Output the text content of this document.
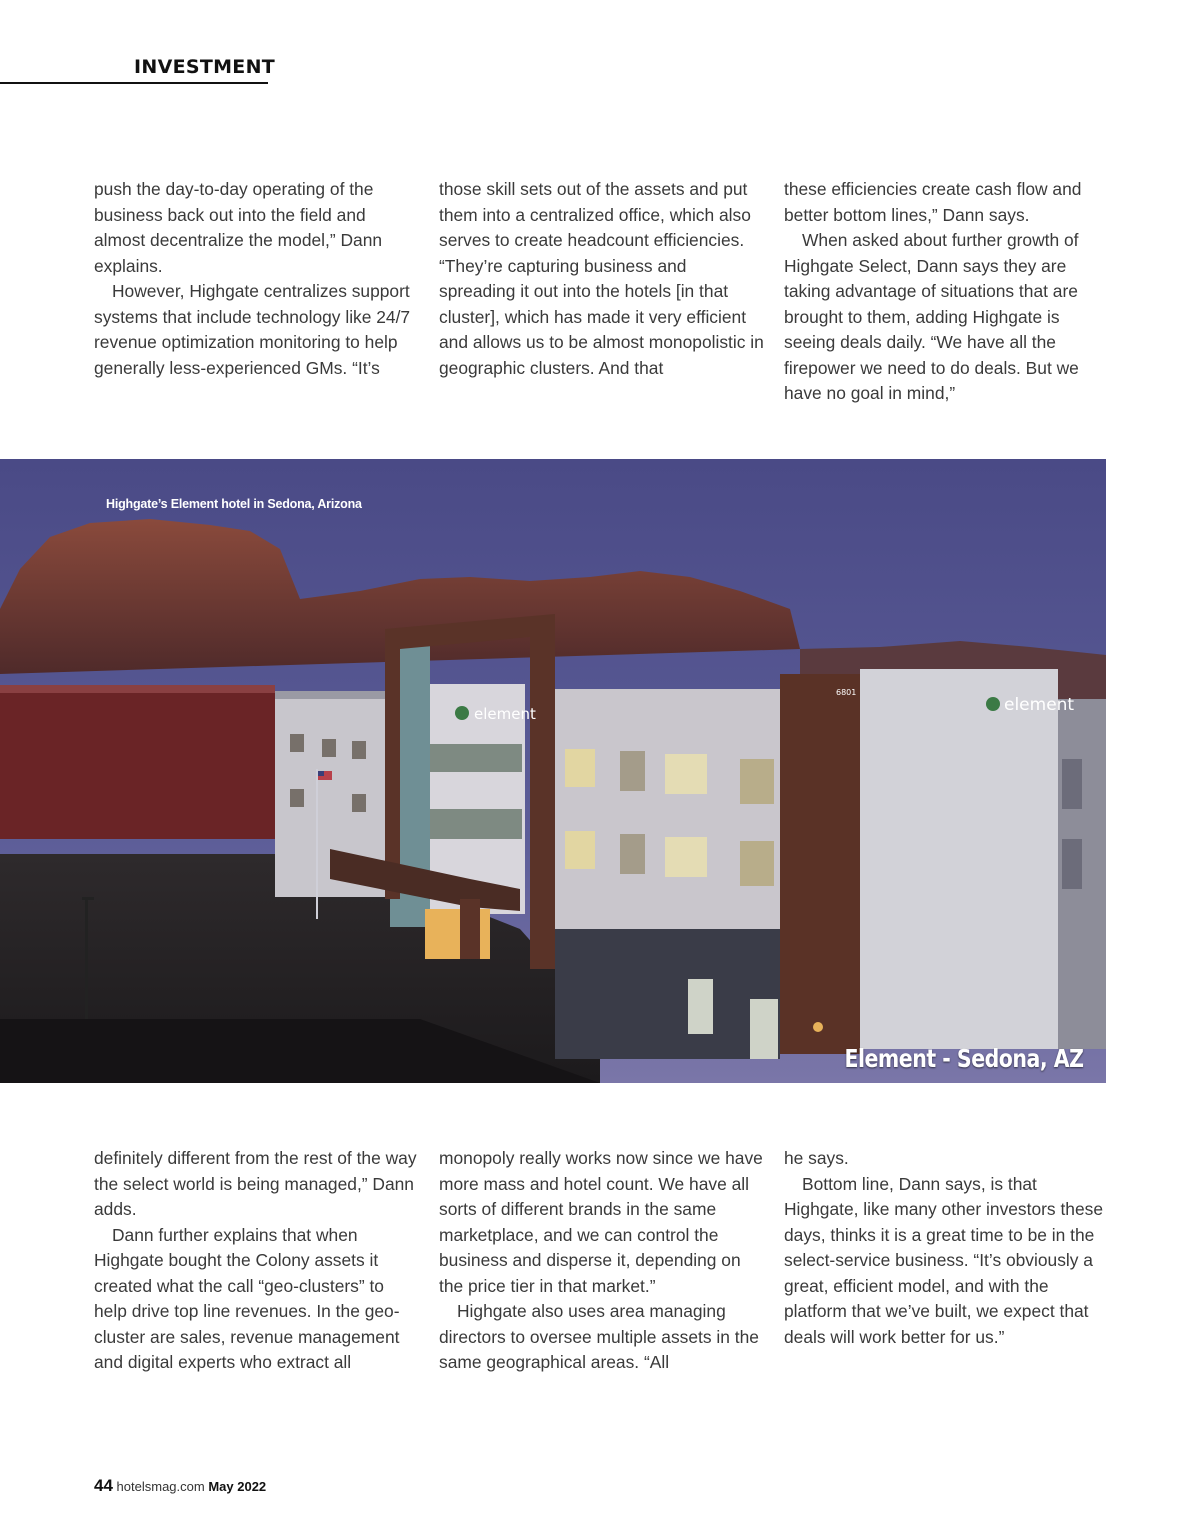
INVESTMENT

push the day-to-day operating of the business back out into the field and almost decentralize the model,” Dann explains.

However, Highgate centralizes support systems that include technology like 24/7 revenue optimization monitoring to help generally less-experienced GMs. “It’s

those skill sets out of the assets and put them into a centralized office, which also serves to create headcount efficiencies. “They’re capturing business and spreading it out into the hotels [in that cluster], which has made it very efficient and allows us to be almost monopolistic in geographic clusters. And that

these efficiencies create cash flow and better bottom lines,” Dann says.

When asked about further growth of Highgate Select, Dann says they are taking advantage of situations that are brought to them, adding Highgate is seeing deals daily. “We have all the firepower we need to do deals. But we have no goal in mind,”

element	element
6801
Highgate’s Element hotel in Sedona, Arizona
Element - Sedona, AZ

definitely different from the rest of the way the select world is being managed,” Dann adds.

Dann further explains that when Highgate bought the Colony assets it created what the call “geo-clusters” to help drive top line revenues. In the geo-cluster are sales, revenue management and digital experts who extract all

monopoly really works now since we have more mass and hotel count. We have all sorts of different brands in the same marketplace, and we can control the business and disperse it, depending on the price tier in that market.”

Highgate also uses area managing directors to oversee multiple assets in the same geographical areas. “All

he says.

Bottom line, Dann says, is that Highgate, like many other investors these days, thinks it is a great time to be in the select-service business. “It’s obviously a great, efficient model, and with the platform that we’ve built, we expect that deals will work better for us.”

44 hotelsmag.com May 2022
